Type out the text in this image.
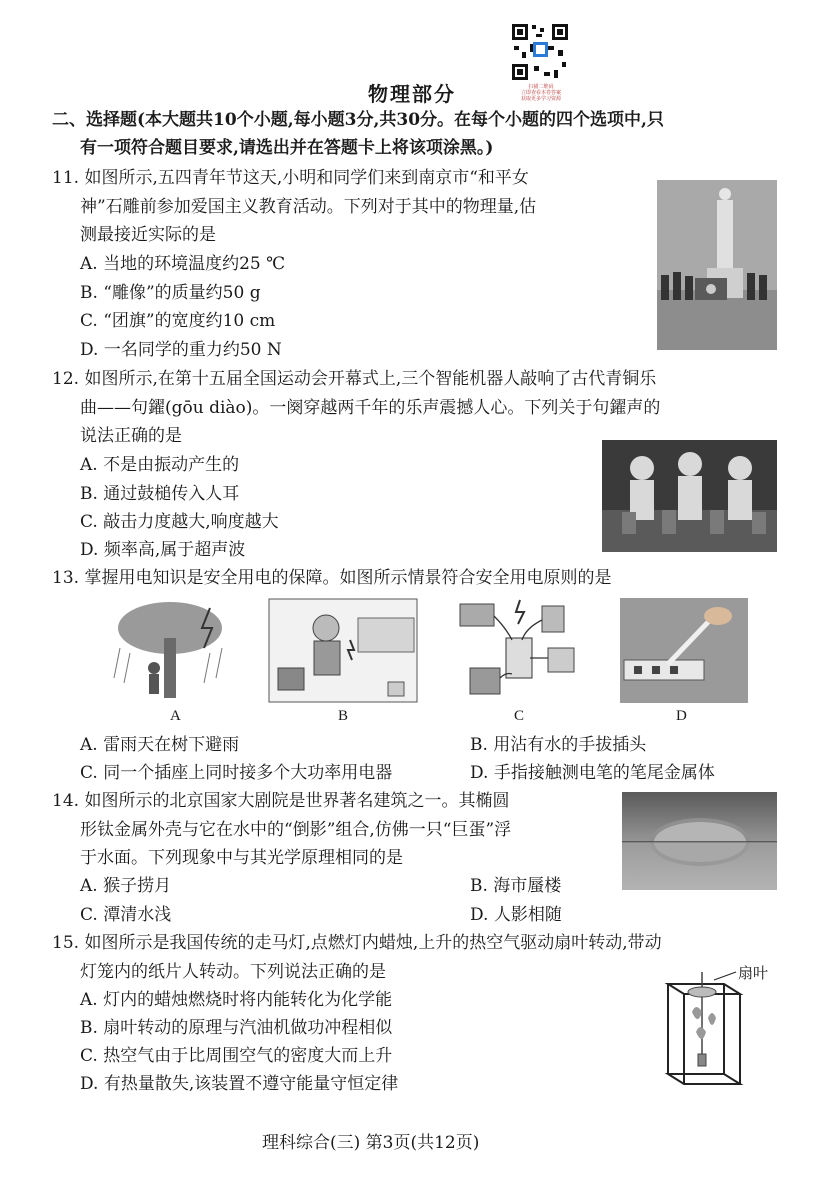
扫描二维码
立即查看本卷答案
获取更多学习资源
物理部分
二、选择题(本大题共10个小题,每小题3分,共30分。在每个小题的四个选项中,只
有一项符合题目要求,请选出并在答题卡上将该项涂黑。)
11. 如图所示,五四青年节这天,小明和同学们来到南京市“和平女
神”石雕前参加爱国主义教育活动。下列对于其中的物理量,估
测最接近实际的是
A. 当地的环境温度约25 ℃
B. “雕像”的质量约50 g
C. “团旗”的宽度约10 cm
D. 一名同学的重力约50 N
12. 如图所示,在第十五届全国运动会开幕式上,三个智能机器人敲响了古代青铜乐
曲——句鑃(gōu diào)。一阕穿越两千年的乐声震撼人心。下列关于句鑃声的
说法正确的是
A. 不是由振动产生的
B. 通过鼓槌传入人耳
C. 敲击力度越大,响度越大
D. 频率高,属于超声波
13. 掌握用电知识是安全用电的保障。如图所示情景符合安全用电原则的是
A	B	C	D
A. 雷雨天在树下避雨	B. 用沾有水的手拔插头
C. 同一个插座上同时接多个大功率用电器	D. 手指接触测电笔的笔尾金属体
14. 如图所示的北京国家大剧院是世界著名建筑之一。其椭圆
形钛金属外壳与它在水中的“倒影”组合,仿佛一只“巨蛋”浮
于水面。下列现象中与其光学原理相同的是
A. 猴子捞月	B. 海市蜃楼
C. 潭清水浅	D. 人影相随
15. 如图所示是我国传统的走马灯,点燃灯内蜡烛,上升的热空气驱动扇叶转动,带动
灯笼内的纸片人转动。下列说法正确的是
A. 灯内的蜡烛燃烧时将内能转化为化学能
B. 扇叶转动的原理与汽油机做功冲程相似
C. 热空气由于比周围空气的密度大而上升
D. 有热量散失,该装置不遵守能量守恒定律
扇叶
理科综合(三) 第3页(共12页)
